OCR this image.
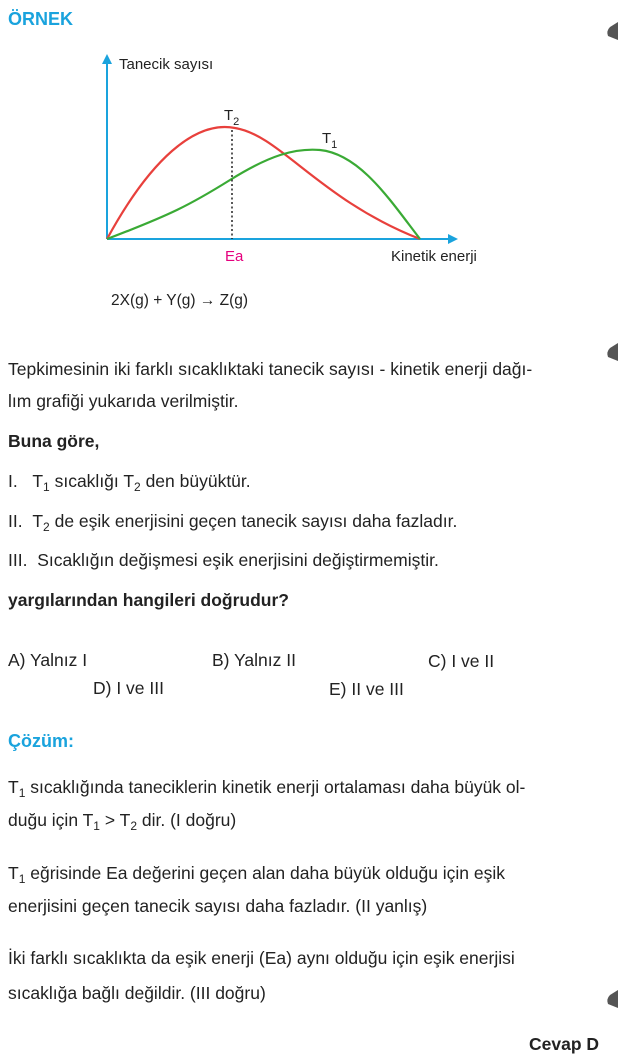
ÖRNEK
Tanecik sayısı
Kinetik enerji
Ea
$T_2$
$T_1$
2X(g) + Y(g) → Z(g)
Tepkimesinin iki farklı sıcaklıktaki tanecik sayısı - kinetik enerji dağı-
lım grafiği yukarıda verilmiştir.
Buna göre,
I. $T_1$ sıcaklığı $T_2$ den büyüktür.
II. $T_2$ de eşik enerjisini geçen tanecik sayısı daha fazladır.
III. Sıcaklığın değişmesi eşik enerjisini değiştirmemiştir.
yargılarından hangileri doğrudur?
A) Yalnız I	B) Yalnız II	C) I ve II
D) I ve III	E) II ve III
Çözüm:
$T_1$ sıcaklığında taneciklerin kinetik enerji ortalaması daha büyük ol-
duğu için $T_1 > T_2$ dir. (I doğru)
$T_1$ eğrisinde Ea değerini geçen alan daha büyük olduğu için eşik
enerjisini geçen tanecik sayısı daha fazladır. (II yanlış)
İki farklı sıcaklıkta da eşik enerji (Ea) aynı olduğu için eşik enerjisi
sıcaklığa bağlı değildir. (III doğru)
Cevap D
